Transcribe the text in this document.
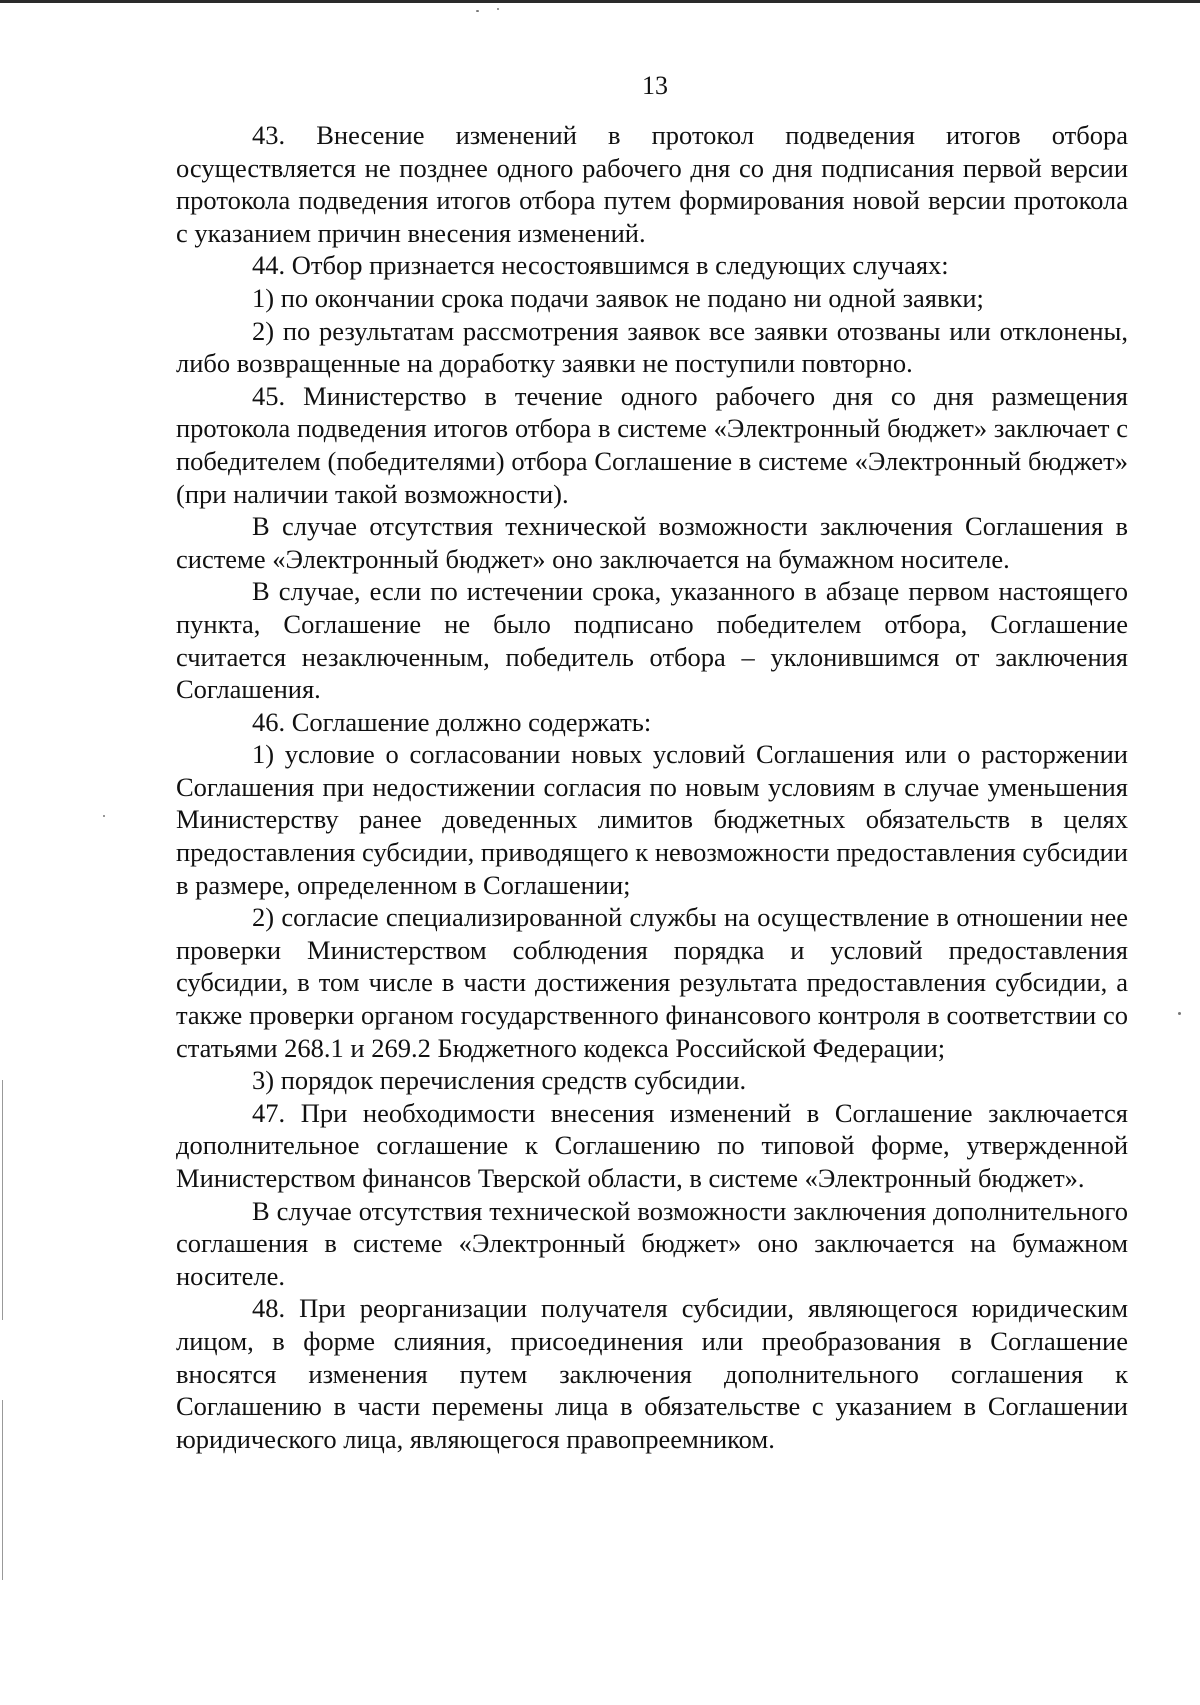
13

43. Внесение изменений в протокол подведения итогов отбора осуществляется не позднее одного рабочего дня со дня подписания первой версии протокола подведения итогов отбора путем формирования новой версии протокола с указанием причин внесения изменений.

44. Отбор признается несостоявшимся в следующих случаях:

1) по окончании срока подачи заявок не подано ни одной заявки;

2) по результатам рассмотрения заявок все заявки отозваны или отклонены, либо возвращенные на доработку заявки не поступили повторно.

45. Министерство в течение одного рабочего дня со дня размещения протокола подведения итогов отбора в системе «Электронный бюджет» заключает с победителем (победителями) отбора Соглашение в системе «Электронный бюджет» (при наличии такой возможности).

В случае отсутствия технической возможности заключения Соглашения в системе «Электронный бюджет» оно заключается на бумажном носителе.

В случае, если по истечении срока, указанного в абзаце первом настоящего пункта, Соглашение не было подписано победителем отбора, Соглашение считается незаключенным, победитель отбора – уклонившимся от заключения Соглашения.

46. Соглашение должно содержать:

1) условие о согласовании новых условий Соглашения или о расторжении Соглашения при недостижении согласия по новым условиям в случае уменьшения Министерству ранее доведенных лимитов бюджетных обязательств в целях предоставления субсидии, приводящего к невозможности предоставления субсидии в размере, определенном в Соглашении;

2) согласие специализированной службы на осуществление в отношении нее проверки Министерством соблюдения порядка и условий предоставления субсидии, в том числе в части достижения результата предоставления субсидии, а также проверки органом государственного финансового контроля в соответствии со статьями 268.1 и 269.2 Бюджетного кодекса Российской Федерации;

3) порядок перечисления средств субсидии.

47. При необходимости внесения изменений в Соглашение заключается дополнительное соглашение к Соглашению по типовой форме, утвержденной Министерством финансов Тверской области, в системе «Электронный бюджет».

В случае отсутствия технической возможности заключения дополнительного соглашения в системе «Электронный бюджет» оно заключается на бумажном носителе.

48. При реорганизации получателя субсидии, являющегося юридическим лицом, в форме слияния, присоединения или преобразования в Соглашение вносятся изменения путем заключения дополнительного соглашения к Соглашению в части перемены лица в обязательстве с указанием в Соглашении юридического лица, являющегося правопреемником.
